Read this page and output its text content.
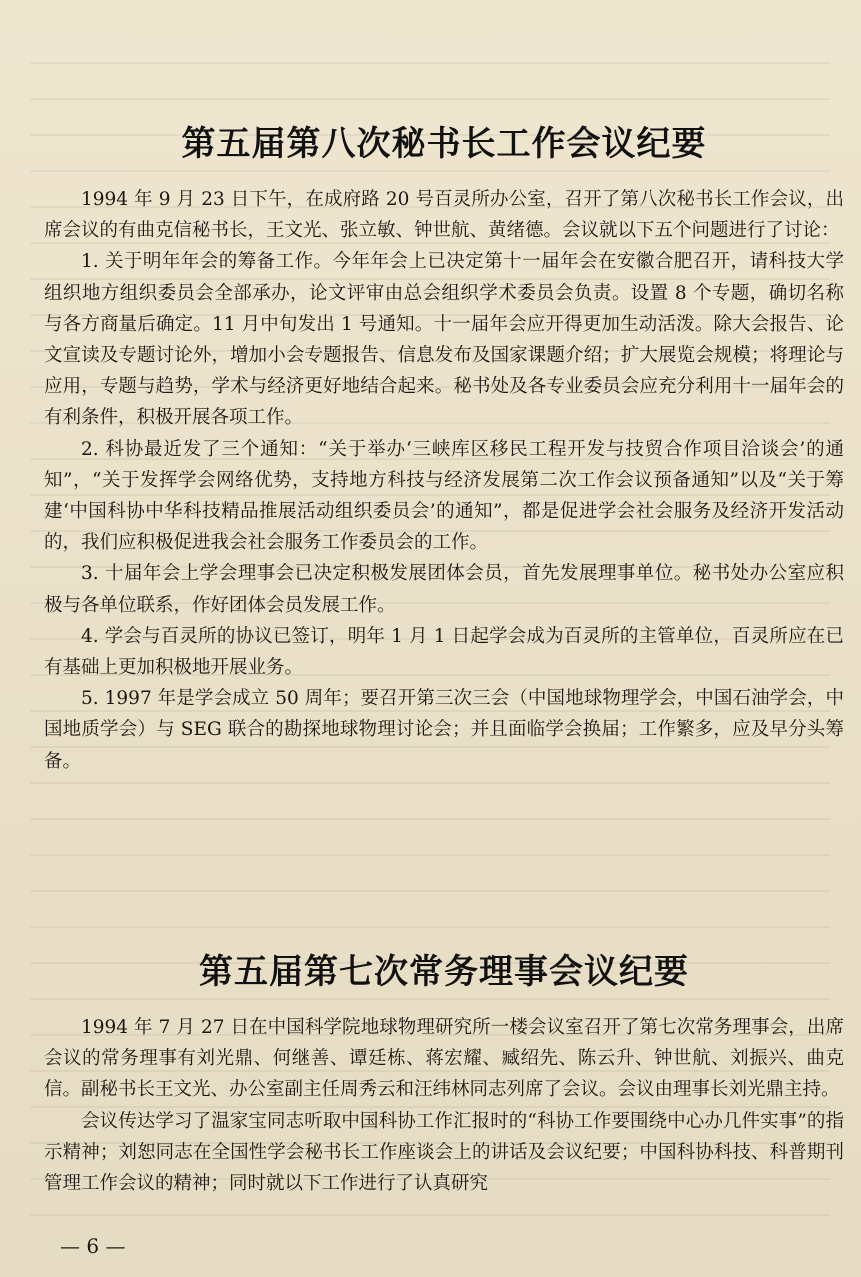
第五届第八次秘书长工作会议纪要

1994 年 9 月 23 日下午，在成府路 20 号百灵所办公室，召开了第八次秘书长工作会议，出席会议的有曲克信秘书长，王文光、张立敏、钟世航、黄绪德。会议就以下五个问题进行了讨论：

1. 关于明年年会的筹备工作。今年年会上已决定第十一届年会在安徽合肥召开，请科技大学组织地方组织委员会全部承办，论文评审由总会组织学术委员会负责。设置 8 个专题，确切名称与各方商量后确定。11 月中旬发出 1 号通知。十一届年会应开得更加生动活泼。除大会报告、论文宣读及专题讨论外，增加小会专题报告、信息发布及国家课题介绍；扩大展览会规模；将理论与应用，专题与趋势，学术与经济更好地结合起来。秘书处及各专业委员会应充分利用十一届年会的有利条件，积极开展各项工作。

2. 科协最近发了三个通知：“关于举办‘三峡库区移民工程开发与技贸合作项目洽谈会’的通知”，“关于发挥学会网络优势，支持地方科技与经济发展第二次工作会议预备通知”以及“关于筹建‘中国科协中华科技精品推展活动组织委员会’的通知”，都是促进学会社会服务及经济开发活动的，我们应积极促进我会社会服务工作委员会的工作。

3. 十届年会上学会理事会已决定积极发展团体会员，首先发展理事单位。秘书处办公室应积极与各单位联系，作好团体会员发展工作。

4. 学会与百灵所的协议已签订，明年 1 月 1 日起学会成为百灵所的主管单位，百灵所应在已有基础上更加积极地开展业务。

5. 1997 年是学会成立 50 周年；要召开第三次三会（中国地球物理学会，中国石油学会，中国地质学会）与 SEG 联合的勘探地球物理讨论会；并且面临学会换届；工作繁多，应及早分头筹备。

第五届第七次常务理事会议纪要

1994 年 7 月 27 日在中国科学院地球物理研究所一楼会议室召开了第七次常务理事会，出席会议的常务理事有刘光鼎、何继善、谭廷栋、蒋宏耀、臧绍先、陈云升、钟世航、刘振兴、曲克信。副秘书长王文光、办公室副主任周秀云和汪纬林同志列席了会议。会议由理事长刘光鼎主持。

会议传达学习了温家宝同志听取中国科协工作汇报时的“科协工作要围绕中心办几件实事”的指示精神；刘恕同志在全国性学会秘书长工作座谈会上的讲话及会议纪要；中国科协科技、科普期刊管理工作会议的精神；同时就以下工作进行了认真研究

— 6 —
